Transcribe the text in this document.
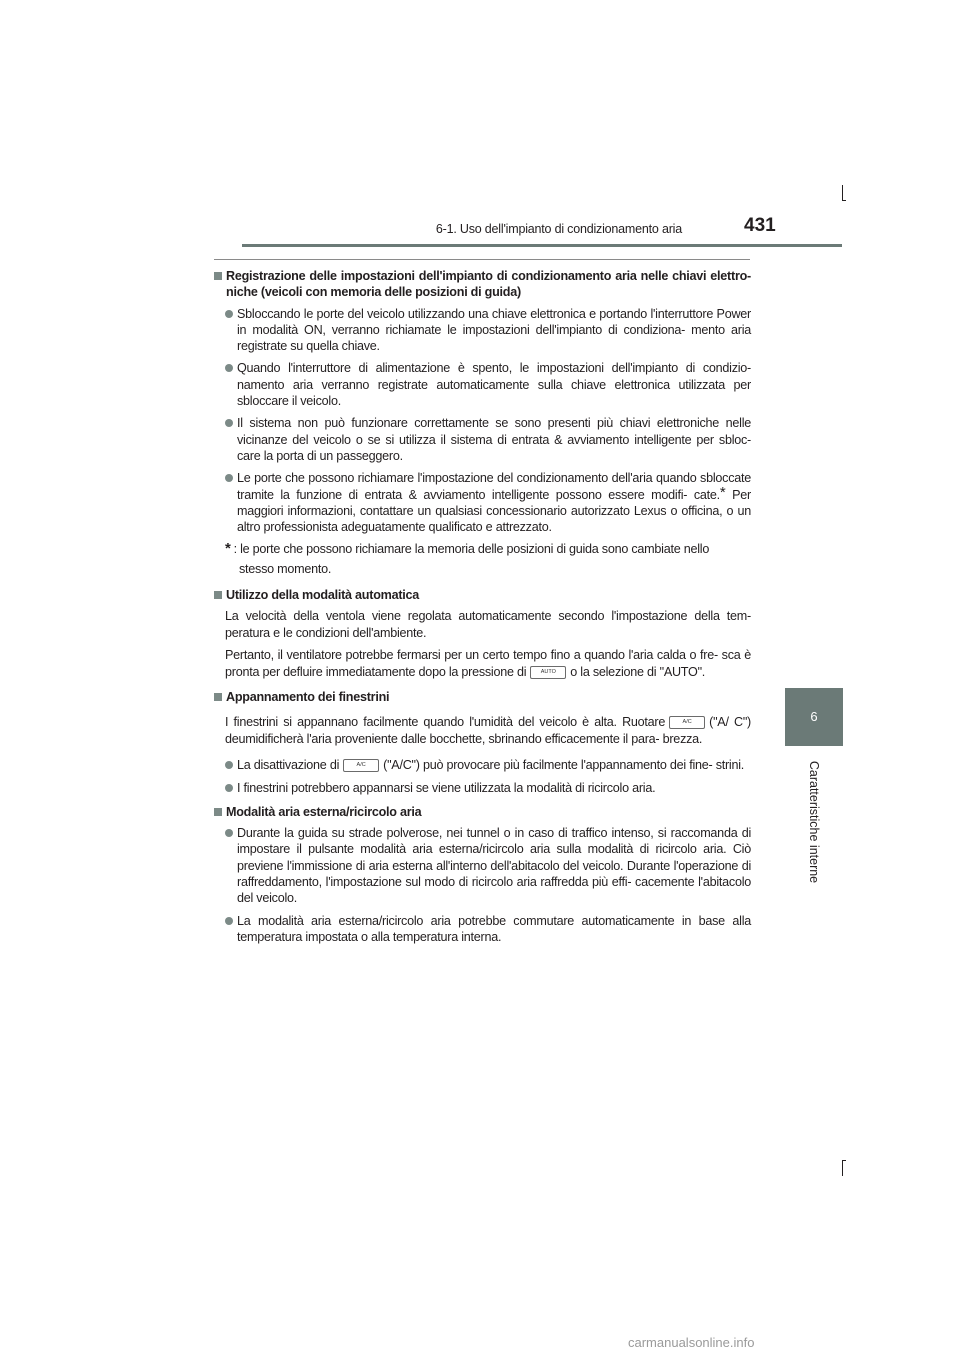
6-1. Uso dell'impianto di condizionamento aria	431
6
Caratteristiche interne
Registrazione delle impostazioni dell'impianto di condizionamento aria nelle chiavi elettro- niche (veicoli con memoria delle posizioni di guida)
Sbloccando le porte del veicolo utilizzando una chiave elettronica e portando l'interruttore Power in modalità ON, verranno richiamate le impostazioni dell'impianto di condiziona- mento aria registrate su quella chiave.
Quando l'interruttore di alimentazione è spento, le impostazioni dell'impianto di condizio- namento aria verranno registrate automaticamente sulla chiave elettronica utilizzata per sbloccare il veicolo.
Il sistema non può funzionare correttamente se sono presenti più chiavi elettroniche nelle vicinanze del veicolo o se si utilizza il sistema di entrata & avviamento intelligente per sbloc- care la porta di un passeggero.
Le porte che possono richiamare l'impostazione del condizionamento dell'aria quando sbloccate tramite la funzione di entrata & avviamento intelligente possono essere modifi- cate.* Per maggiori informazioni, contattare un qualsiasi concessionario autorizzato Lexus o officina, o un altro professionista adeguatamente qualificato e attrezzato.
* : le porte che possono richiamare la memoria delle posizioni di guida sono cambiate nello
stesso momento.
Utilizzo della modalità automatica
La velocità della ventola viene regolata automaticamente secondo l'impostazione della tem- peratura e le condizioni dell'ambiente.
Pertanto, il ventilatore potrebbe fermarsi per un certo tempo fino a quando l'aria calda o fre- sca è pronta per defluire immediatamente dopo la pressione di	AUTO o la selezione di "AUTO".
Appannamento dei finestrini
I finestrini si appannano facilmente quando l'umidità del veicolo è alta. Ruotare	A/C ("A/ C") deumidificherà l'aria proveniente dalle bocchette, sbrinando efficacemente il para- brezza.
La disattivazione di	A/C ("A/C") può provocare più facilmente l'appannamento dei fine- strini.
I finestrini potrebbero appannarsi se viene utilizzata la modalità di ricircolo aria.
Modalità aria esterna/ricircolo aria
Durante la guida su strade polverose, nei tunnel o in caso di traffico intenso, si raccomanda di impostare il pulsante modalità aria esterna/ricircolo aria sulla modalità di ricircolo aria. Ciò previene l'immissione di aria esterna all'interno dell'abitacolo del veicolo. Durante l'operazione di raffreddamento, l'impostazione sul modo di ricircolo aria raffredda più effi- cacemente l'abitacolo del veicolo.
La modalità aria esterna/ricircolo aria potrebbe commutare automaticamente in base alla temperatura impostata o alla temperatura interna.
carmanualsonline.info
